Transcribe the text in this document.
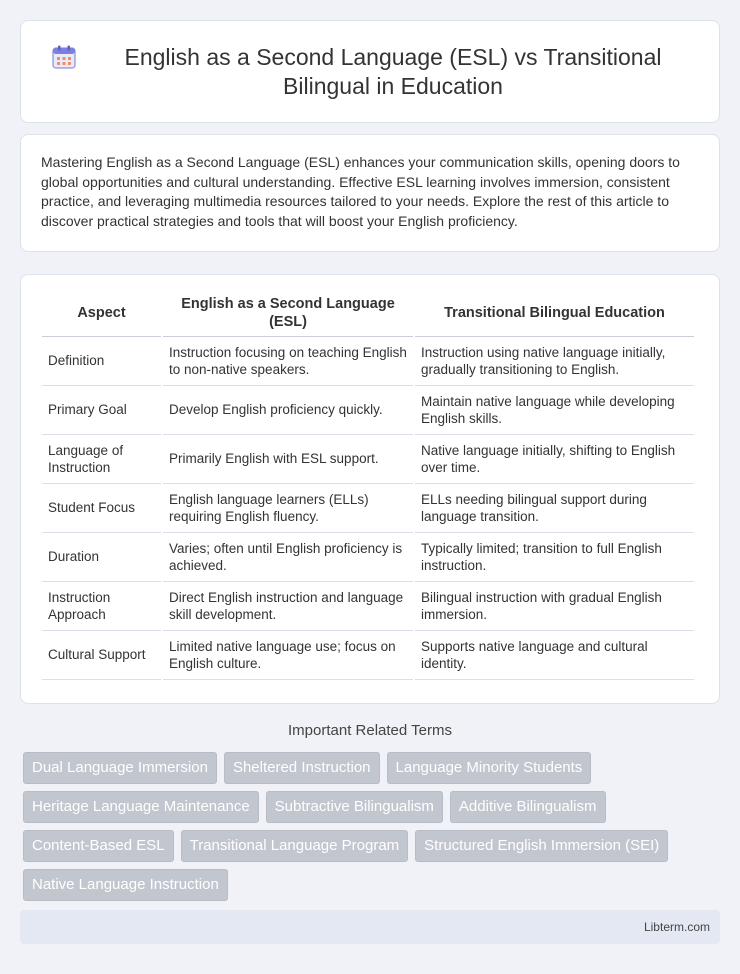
English as a Second Language (ESL) vs Transitional Bilingual in Education

Mastering English as a Second Language (ESL) enhances your communication skills, opening doors to global opportunities and cultural understanding. Effective ESL learning involves immersion, consistent practice, and leveraging multimedia resources tailored to your needs. Explore the rest of this article to discover practical strategies and tools that will boost your English proficiency.

Aspect	English as a Second Language (ESL)	Transitional Bilingual Education
Definition	Instruction focusing on teaching English to non-native speakers.	Instruction using native language initially, gradually transitioning to English.
Primary Goal	Develop English proficiency quickly.	Maintain native language while developing English skills.
Language of Instruction	Primarily English with ESL support.	Native language initially, shifting to English over time.
Student Focus	English language learners (ELLs) requiring English fluency.	ELLs needing bilingual support during language transition.
Duration	Varies; often until English proficiency is achieved.	Typically limited; transition to full English instruction.
Instruction Approach	Direct English instruction and language skill development.	Bilingual instruction with gradual English immersion.
Cultural Support	Limited native language use; focus on English culture.	Supports native language and cultural identity.
Important Related Terms
Dual Language Immersion	Sheltered Instruction	Language Minority Students
Heritage Language Maintenance	Subtractive Bilingualism	Additive Bilingualism
Content-Based ESL	Transitional Language Program	Structured English Immersion (SEI)
Native Language Instruction
Libterm.com
